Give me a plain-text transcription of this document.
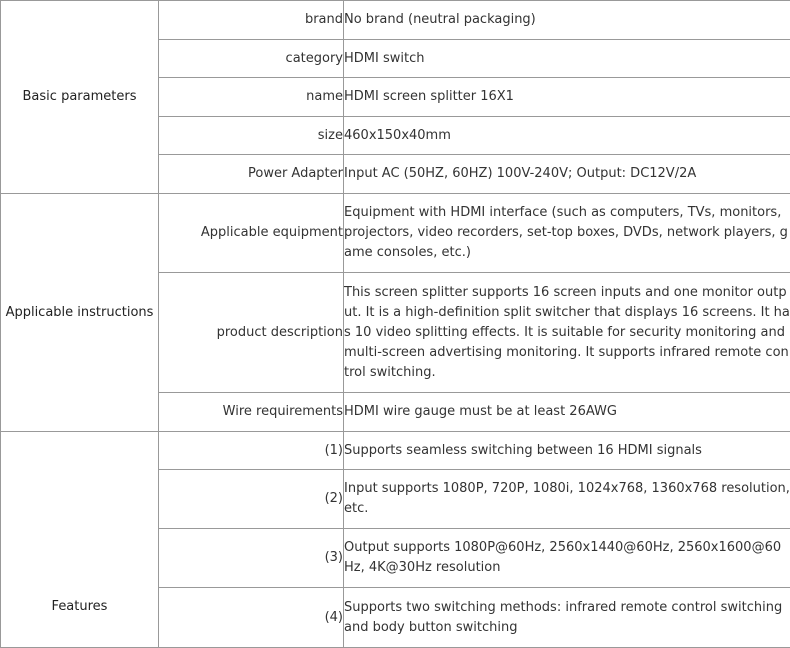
Basic parameters	brand	No brand (neutral packaging)
	category	HDMI switch
	name	HDMI screen splitter 16X1
	size	460x150x40mm
	Power Adapter	Input AC (50HZ, 60HZ) 100V-240V; Output: DC12V/2A
Applicable instructions	Applicable equipment	Equipment with HDMI interface (such as computers, TVs, monitors, projectors, video recorders, set-top boxes, DVDs, network players, game consoles, etc.)
	product description	This screen splitter supports 16 screen inputs and one monitor output. It is a high-definition split switcher that displays 16 screens. It has 10 video splitting effects. It is suitable for security monitoring and multi-screen advertising monitoring. It supports infrared remote control switching.
	Wire requirements	HDMI wire gauge must be at least 26AWG
Features	(1)	Supports seamless switching between 16 HDMI signals
	(2)	Input supports 1080P, 720P, 1080i, 1024x768, 1360x768 resolution, etc.
	(3)	Output supports 1080P@60Hz, 2560x1440@60Hz, 2560x1600@60Hz, 4K@30Hz resolution
	(4)	Supports two switching methods: infrared remote control switching and body button switching
